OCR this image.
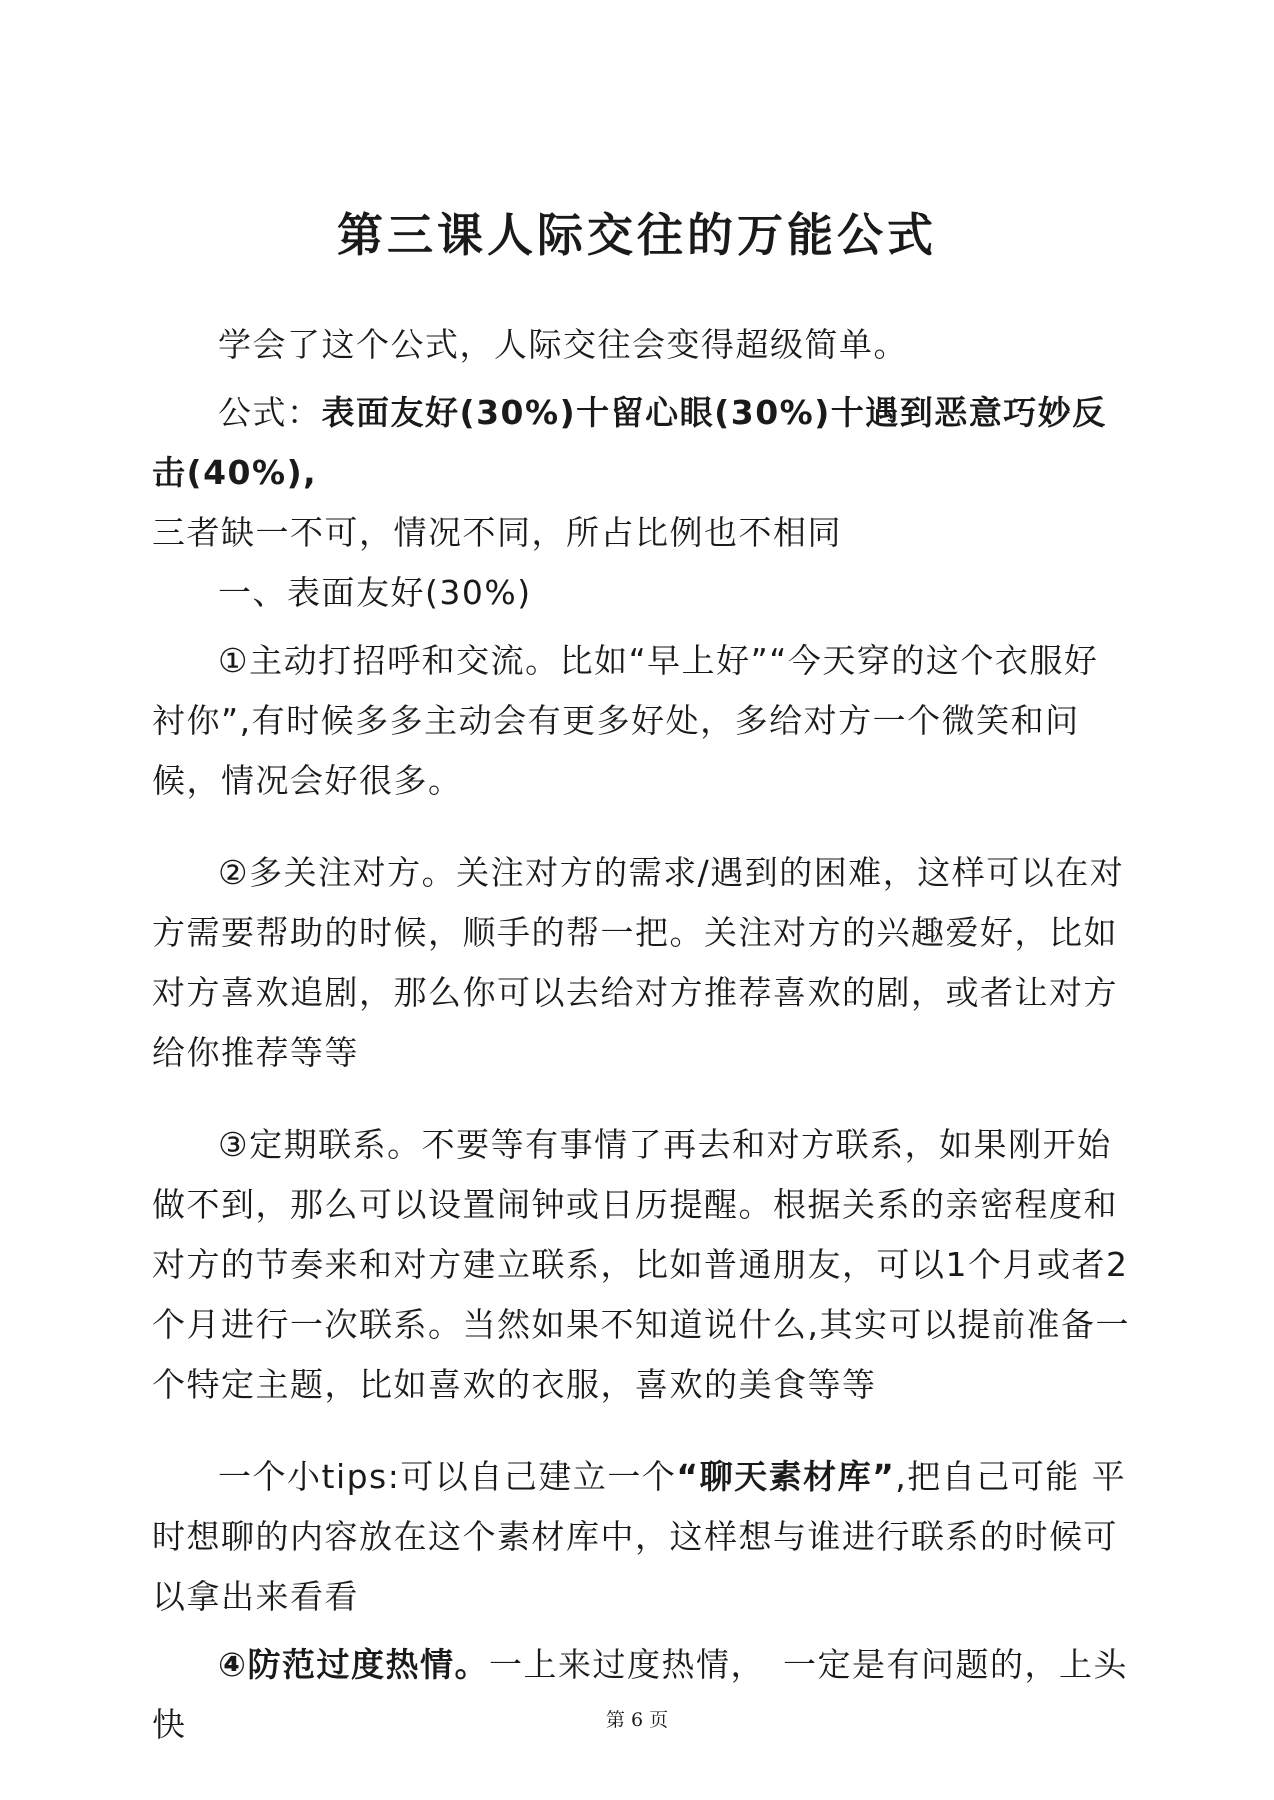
第三课人际交往的万能公式

学会了这个公式，人际交往会变得超级简单。

公式：表面友好(30%)十留心眼(30%)十遇到恶意巧妙反击(40%),
三者缺一不可，情况不同，所占比例也不相同

一、表面友好(30%)

①主动打招呼和交流。比如“早上好”“今天穿的这个衣服好衬你”,有时候多多主动会有更多好处，多给对方一个微笑和问候，情况会好很多。

②多关注对方。关注对方的需求/遇到的困难，这样可以在对方需要帮助的时候，顺手的帮一把。关注对方的兴趣爱好，比如对方喜欢追剧，那么你可以去给对方推荐喜欢的剧，或者让对方给你推荐等等

③定期联系。不要等有事情了再去和对方联系，如果刚开始做不到，那么可以设置闹钟或日历提醒。根据关系的亲密程度和对方的节奏来和对方建立联系，比如普通朋友，可以1个月或者2个月进行一次联系。当然如果不知道说什么,其实可以提前准备一个特定主题，比如喜欢的衣服，喜欢的美食等等

一个小tips:可以自己建立一个“聊天素材库”,把自己可能 平时想聊的内容放在这个素材库中，这样想与谁进行联系的时候可以拿出来看看

④防范过度热情。一上来过度热情，　一定是有问题的，上头快	第 6 页
